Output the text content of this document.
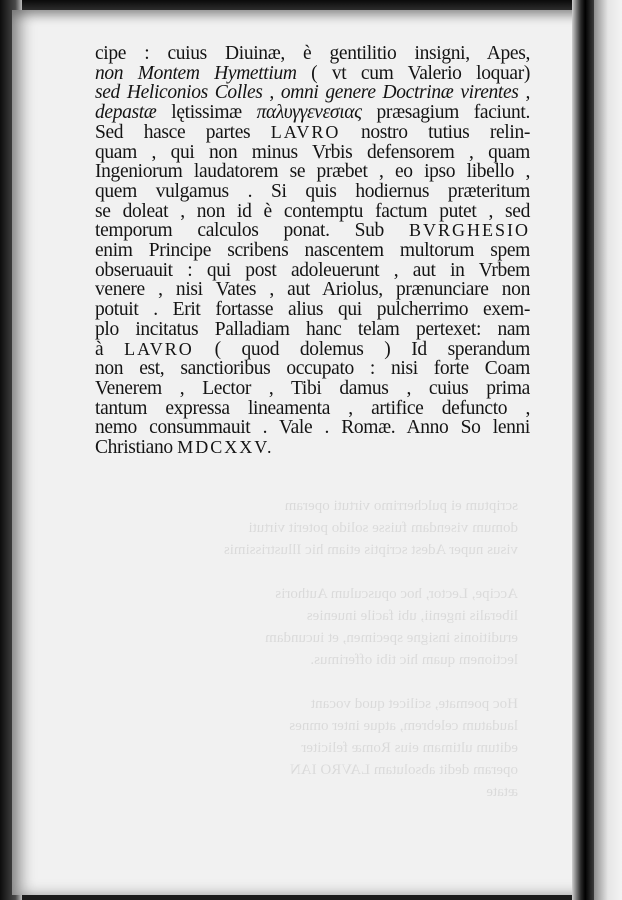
cipe : cuius Diuinæ, è gentilitio insigni, Apes,
non Montem Hymettium ( vt cum Valerio loquar)
sed Heliconios Colles , omni genere Doctrinæ virentes ,
depastæ lętissimæ παλυγγενεσιας præsagium faciunt.
Sed hasce partes LAVRO nostro tutius relin-
quam , qui non minus Vrbis defensorem , quam
Ingeniorum laudatorem se præbet , eo ipso libello ,
quem vulgamus . Si quis hodiernus præteritum
se doleat , non id è contemptu factum putet , sed
temporum calculos ponat. Sub BVRGHESIO
enim Principe scribens nascentem multorum spem
obseruauit : qui post adoleuerunt , aut in Vrbem
venere , nisi Vates , aut Ariolus, prænunciare non
potuit . Erit fortasse alius qui pulcherrimo exem-
plo incitatus Palladiam hanc telam pertexet: nam
à LAVRO ( quod dolemus ) Id sperandum
non est, sanctioribus occupato : nisi forte Coam
Venerem , Lector , Tibi damus , cuius prima
tantum expressa lineamenta , artifice defuncto ,
nemo consummauit . Vale . Romæ. Anno So lenni
Christiano MDCXXV.
